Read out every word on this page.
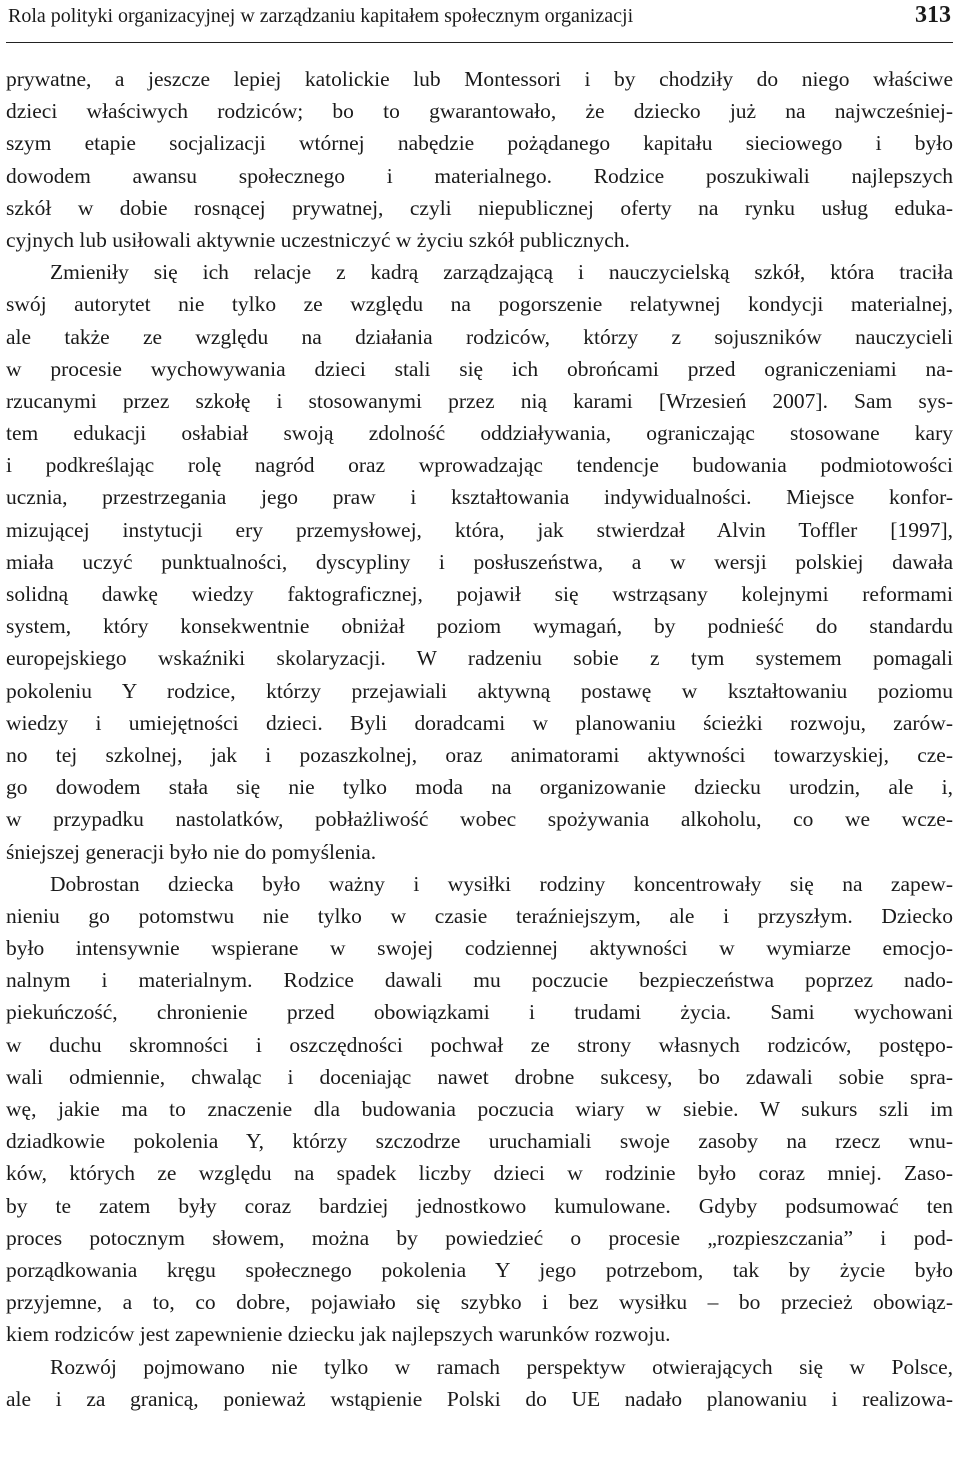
Rola polityki organizacyjnej w zarządzaniu kapitałem społecznym organizacji	313
prywatne, a jeszcze lepiej katolickie lub Montessori i by chodziły do niego właściwe
dzieci właściwych rodziców; bo to gwarantowało, że dziecko już na najwcześniej-
szym etapie socjalizacji wtórnej nabędzie pożądanego kapitału sieciowego i było
dowodem awansu społecznego i materialnego. Rodzice poszukiwali najlepszych
szkół w dobie rosnącej prywatnej, czyli niepublicznej oferty na rynku usług eduka-
cyjnych lub usiłowali aktywnie uczestniczyć w życiu szkół publicznych.
Zmieniły się ich relacje z kadrą zarządzającą i nauczycielską szkół, która traciła
swój autorytet nie tylko ze względu na pogorszenie relatywnej kondycji materialnej,
ale także ze względu na działania rodziców, którzy z sojuszników nauczycieli
w procesie wychowywania dzieci stali się ich obrońcami przed ograniczeniami na-
rzucanymi przez szkołę i stosowanymi przez nią karami [Wrzesień 2007]. Sam sys-
tem edukacji osłabiał swoją zdolność oddziaływania, ograniczając stosowane kary
i podkreślając rolę nagród oraz wprowadzając tendencje budowania podmiotowości
ucznia, przestrzegania jego praw i kształtowania indywidualności. Miejsce konfor-
mizującej instytucji ery przemysłowej, która, jak stwierdzał Alvin Toffler [1997],
miała uczyć punktualności, dyscypliny i posłuszeństwa, a w wersji polskiej dawała
solidną dawkę wiedzy faktograficznej, pojawił się wstrząsany kolejnymi reformami
system, który konsekwentnie obniżał poziom wymagań, by podnieść do standardu
europejskiego wskaźniki skolaryzacji. W radzeniu sobie z tym systemem pomagali
pokoleniu Y rodzice, którzy przejawiali aktywną postawę w kształtowaniu poziomu
wiedzy i umiejętności dzieci. Byli doradcami w planowaniu ścieżki rozwoju, zarów-
no tej szkolnej, jak i pozaszkolnej, oraz animatorami aktywności towarzyskiej, cze-
go dowodem stała się nie tylko moda na organizowanie dziecku urodzin, ale i,
w przypadku nastolatków, pobłażliwość wobec spożywania alkoholu, co we wcze-
śniejszej generacji było nie do pomyślenia.
Dobrostan dziecka było ważny i wysiłki rodziny koncentrowały się na zapew-
nieniu go potomstwu nie tylko w czasie teraźniejszym, ale i przyszłym. Dziecko
było intensywnie wspierane w swojej codziennej aktywności w wymiarze emocjo-
nalnym i materialnym. Rodzice dawali mu poczucie bezpieczeństwa poprzez nado-
piekuńczość, chronienie przed obowiązkami i trudami życia. Sami wychowani
w duchu skromności i oszczędności pochwał ze strony własnych rodziców, postępo-
wali odmiennie, chwaląc i doceniając nawet drobne sukcesy, bo zdawali sobie spra-
wę, jakie ma to znaczenie dla budowania poczucia wiary w siebie. W sukurs szli im
dziadkowie pokolenia Y, którzy szczodrze uruchamiali swoje zasoby na rzecz wnu-
ków, których ze względu na spadek liczby dzieci w rodzinie było coraz mniej. Zaso-
by te zatem były coraz bardziej jednostkowo kumulowane. Gdyby podsumować ten
proces potocznym słowem, można by powiedzieć o procesie „rozpieszczania” i pod-
porządkowania kręgu społecznego pokolenia Y jego potrzebom, tak by życie było
przyjemne, a to, co dobre, pojawiało się szybko i bez wysiłku – bo przecież obowiąz-
kiem rodziców jest zapewnienie dziecku jak najlepszych warunków rozwoju.
Rozwój pojmowano nie tylko w ramach perspektyw otwierających się w Polsce,
ale i za granicą, ponieważ wstąpienie Polski do UE nadało planowaniu i realizowa-
